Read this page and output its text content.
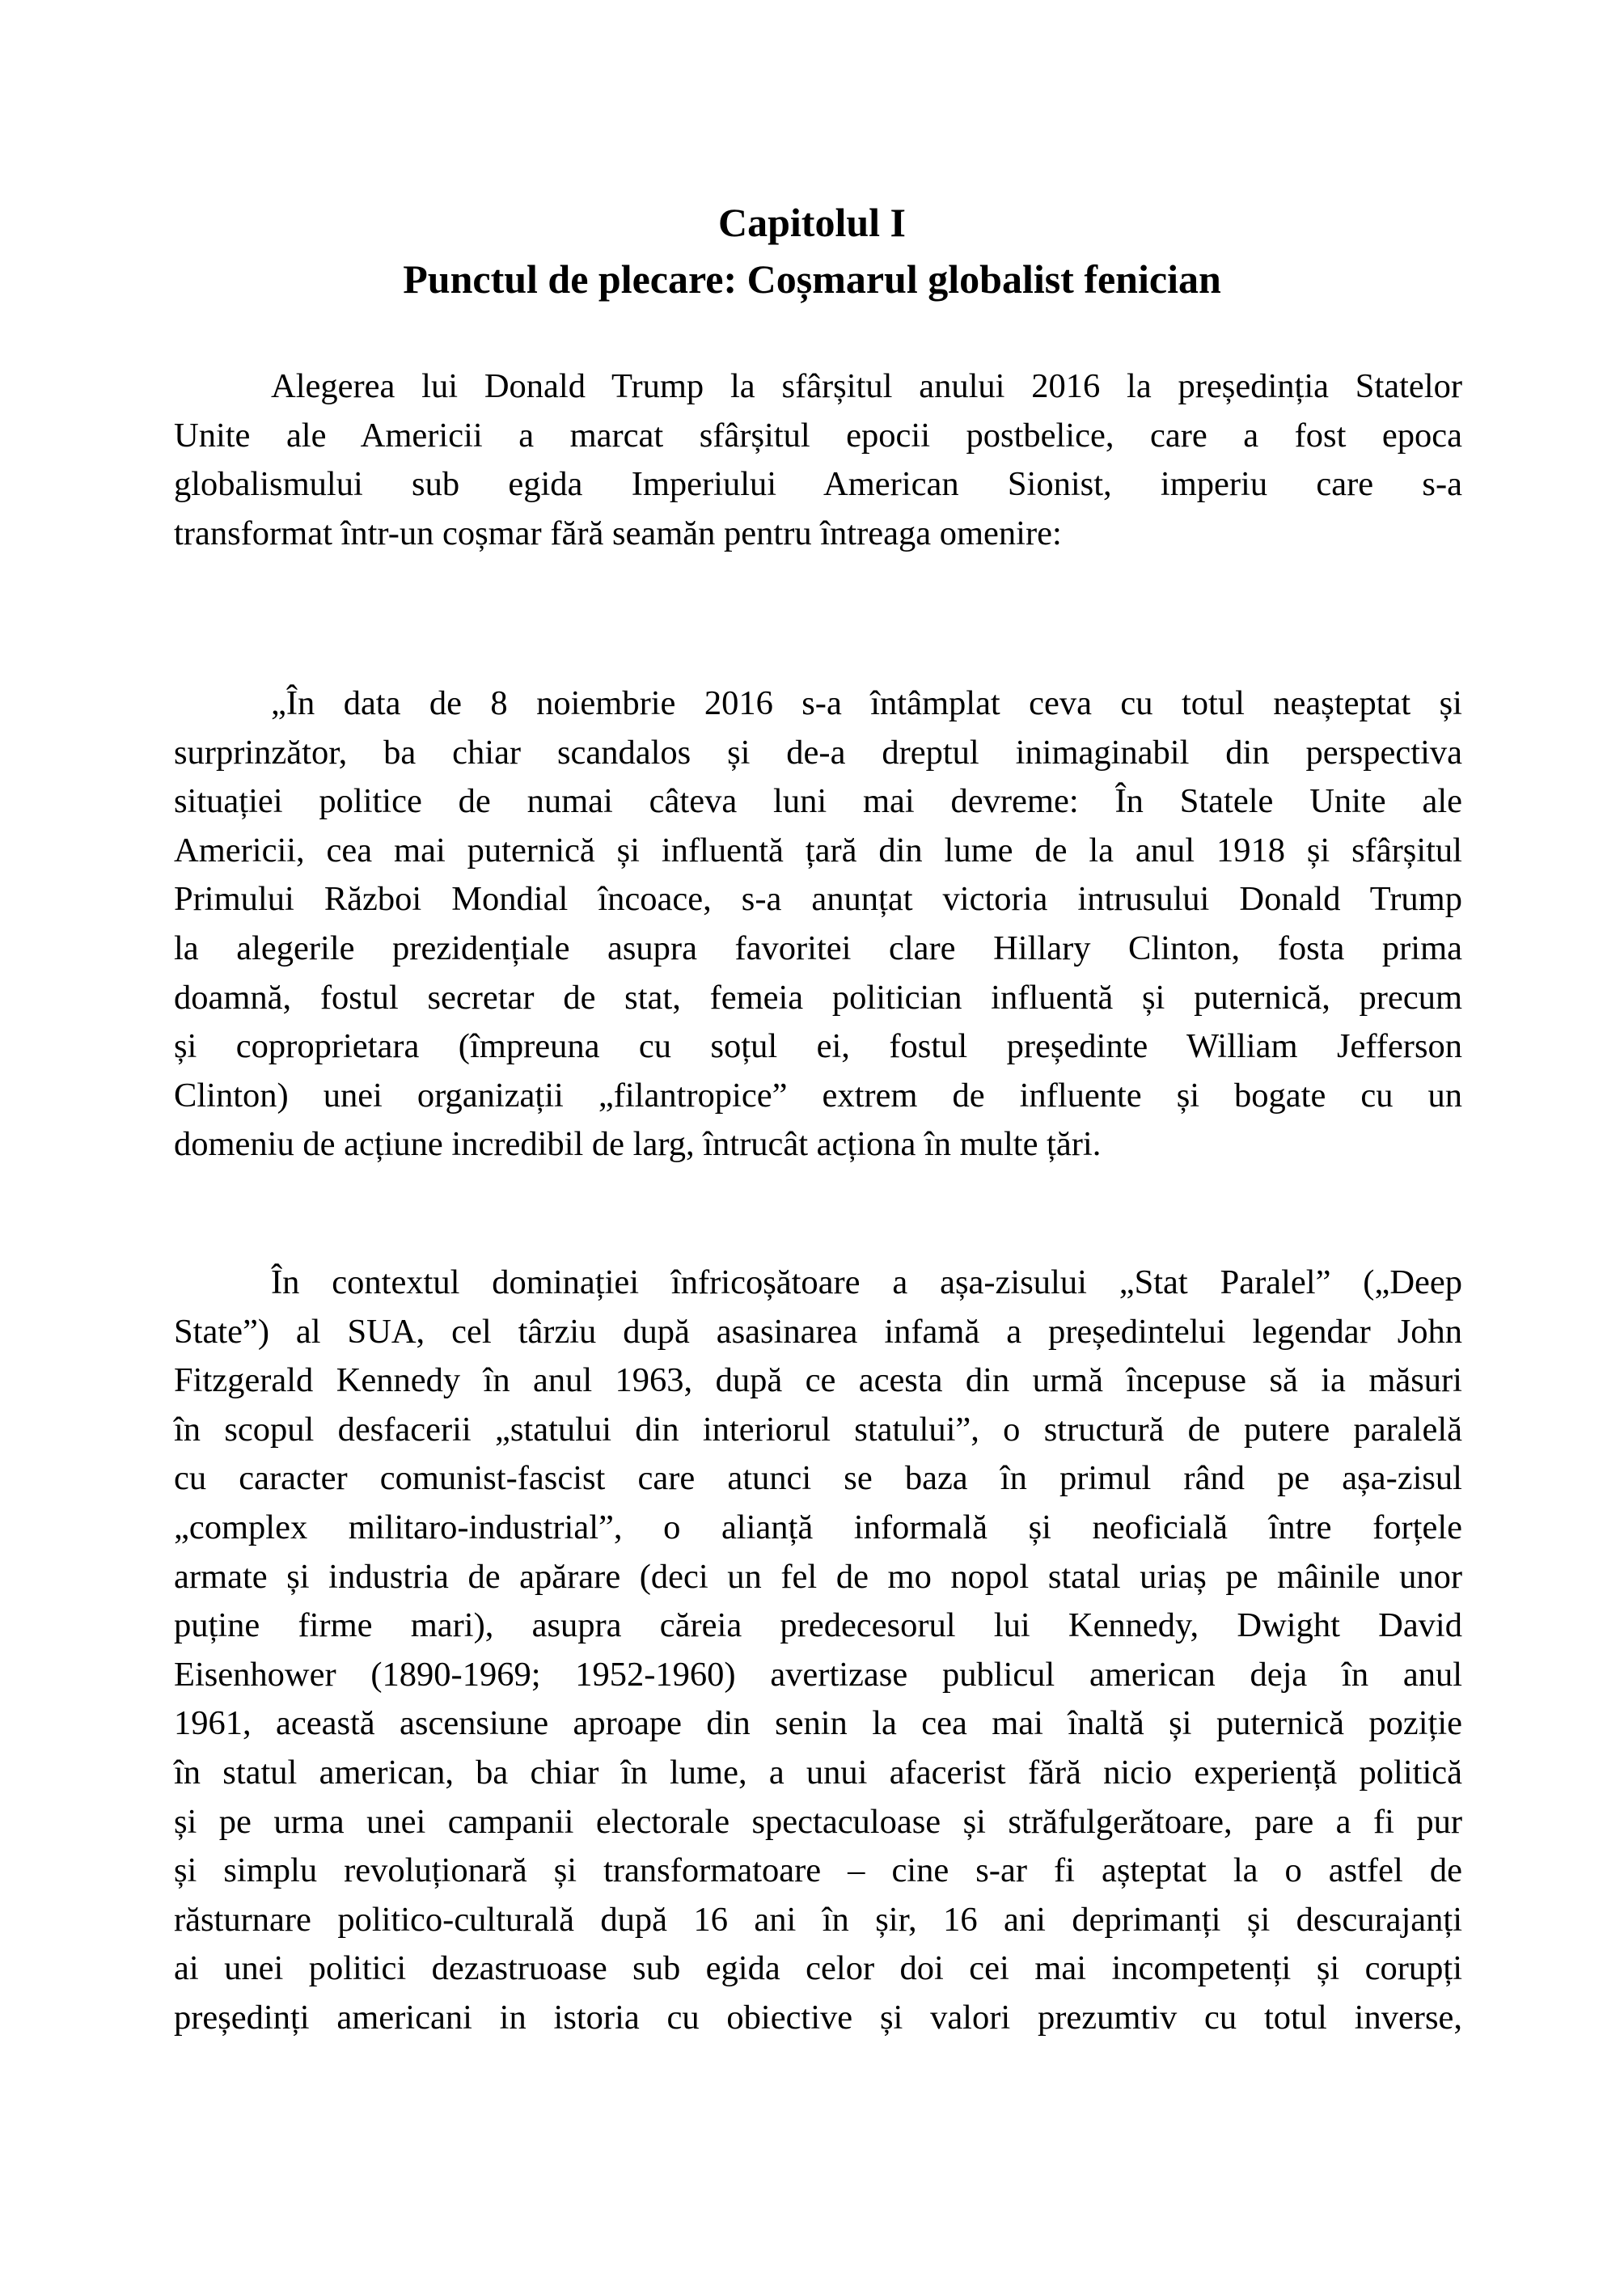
Capitolul I
Punctul de plecare: Coșmarul globalist fenician
Alegerea lui Donald Trump la sfârșitul anului 2016 la președinția Statelor
Unite ale Americii a marcat sfârșitul epocii postbelice, care a fost epoca
globalismului sub egida Imperiului American Sionist, imperiu care s-a
transformat într-un coșmar fără seamăn pentru întreaga omenire:
„În data de 8 noiembrie 2016 s-a întâmplat ceva cu totul neașteptat și
surprinzător, ba chiar scandalos și de-a dreptul inimaginabil din perspectiva
situației politice de numai câteva luni mai devreme: În Statele Unite ale
Americii, cea mai puternică și influentă țară din lume de la anul 1918 și sfârșitul
Primului Război Mondial încoace, s-a anunțat victoria intrusului Donald Trump
la alegerile prezidențiale asupra favoritei clare Hillary Clinton, fosta prima
doamnă, fostul secretar de stat, femeia politician influentă și puternică, precum
și coproprietara (împreuna cu soțul ei, fostul președinte William Jefferson
Clinton) unei organizații „filantropice” extrem de influente și bogate cu un
domeniu de acțiune incredibil de larg, întrucât acționa în multe țări.
În contextul dominației înfricoșătoare a așa-zisului „Stat Paralel” („Deep
State”) al SUA, cel târziu după asasinarea infamă a președintelui legendar John
Fitzgerald Kennedy în anul 1963, după ce acesta din urmă începuse să ia măsuri
în scopul desfacerii „statului din interiorul statului”, o structură de putere paralelă
cu caracter comunist-fascist care atunci se baza în primul rând pe așa-zisul
„complex militaro-industrial”, o alianță informală și neoficială între forțele
armate și industria de apărare (deci un fel de mo nopol statal uriaș pe mâinile unor
puține firme mari), asupra căreia predecesorul lui Kennedy, Dwight David
Eisenhower (1890-1969; 1952-1960) avertizase publicul american deja în anul
1961, această ascensiune aproape din senin la cea mai înaltă și puternică poziție
în statul american, ba chiar în lume, a unui afacerist fără nicio experiență politică
și pe urma unei campanii electorale spectaculoase și străfulgerătoare, pare a fi pur
și simplu revoluționară și transformatoare – cine s-ar fi așteptat la o astfel de
răsturnare politico-culturală după 16 ani în șir, 16 ani deprimanți și descurajanți
ai unei politici dezastruoase sub egida celor doi cei mai incompetenți și corupți
președinți americani in istoria cu obiective și valori prezumtiv cu totul inverse,
